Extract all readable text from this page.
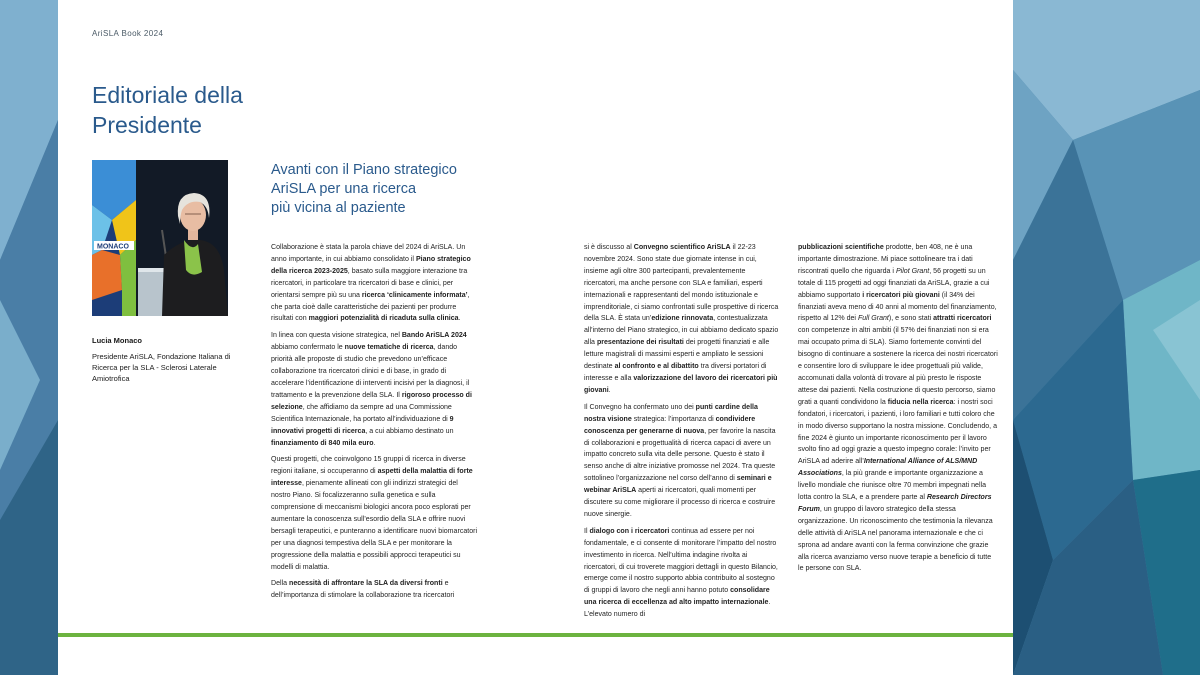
AriSLA Book 2024
Editoriale della
Presidente
MONACO
Lucia Monaco
Presidente AriSLA, Fondazione Italiana di Ricerca per la SLA - Sclerosi Laterale Amiotrofica
Avanti con il Piano strategico
AriSLA per una ricerca
più vicina al paziente

Collaborazione è stata la parola chiave del 2024 di AriSLA. Un anno importante, in cui abbiamo consolidato il Piano strategico della ricerca 2023-2025, basato sulla maggiore interazione tra ricercatori, in particolare tra ricercatori di base e clinici, per orientarsi sempre più su una ricerca ‘clinicamente informata’, che parta cioè dalle caratteristiche dei pazienti per produrre risultati con maggiori potenzialità di ricaduta sulla clinica.

In linea con questa visione strategica, nel Bando AriSLA 2024 abbiamo confermato le nuove tematiche di ricerca, dando priorità alle proposte di studio che prevedono un’efficace collaborazione tra ricercatori clinici e di base, in grado di accelerare l’identificazione di interventi incisivi per la diagnosi, il trattamento e la prevenzione della SLA. Il rigoroso processo di selezione, che affidiamo da sempre ad una Commissione Scientifica Internazionale, ha portato all’individuazione di 9 innovativi progetti di ricerca, a cui abbiamo destinato un finanziamento di 840 mila euro.

Questi progetti, che coinvolgono 15 gruppi di ricerca in diverse regioni italiane, si occuperanno di aspetti della malattia di forte interesse, pienamente allineati con gli indirizzi strategici del nostro Piano. Si focalizzeranno sulla genetica e sulla comprensione di meccanismi biologici ancora poco esplorati per aumentare la conoscenza sull’esordio della SLA e offrire nuovi bersagli terapeutici, e punteranno a identificare nuovi biomarcatori per una diagnosi tempestiva della SLA e per monitorare la progressione della malattia e possibili approcci terapeutici su modelli di malattia.

Della necessità di affrontare la SLA da diversi fronti e dell’importanza di stimolare la collaborazione tra ricercatori

si è discusso al Convegno scientifico AriSLA il 22-23 novembre 2024. Sono state due giornate intense in cui, insieme agli oltre 300 partecipanti, prevalentemente ricercatori, ma anche persone con SLA e familiari, esperti internazionali e rappresentanti del mondo istituzionale e imprenditoriale, ci siamo confrontati sulle prospettive di ricerca della SLA. È stata un’edizione rinnovata, contestualizzata all’interno del Piano strategico, in cui abbiamo dedicato spazio alla presentazione dei risultati dei progetti finanziati e alle letture magistrali di massimi esperti e ampliato le sessioni destinate al confronto e al dibattito tra diversi portatori di interesse e alla valorizzazione del lavoro dei ricercatori più giovani.

Il Convegno ha confermato uno dei punti cardine della nostra visione strategica: l’importanza di condividere conoscenza per generarne di nuova, per favorire la nascita di collaborazioni e progettualità di ricerca capaci di avere un impatto concreto sulla vita delle persone. Questo è stato il senso anche di altre iniziative promosse nel 2024. Tra queste sottolineo l’organizzazione nel corso dell’anno di seminari e webinar AriSLA aperti ai ricercatori, quali momenti per discutere su come migliorare il processo di ricerca e costruire nuove sinergie.

Il dialogo con i ricercatori continua ad essere per noi fondamentale, e ci consente di monitorare l’impatto del nostro investimento in ricerca. Nell’ultima indagine rivolta ai ricercatori, di cui troverete maggiori dettagli in questo Bilancio, emerge come il nostro supporto abbia contribuito al sostegno di gruppi di lavoro che negli anni hanno potuto consolidare una ricerca di eccellenza ad alto impatto internazionale. L’elevato numero di

pubblicazioni scientifiche prodotte, ben 408, ne è una importante dimostrazione. Mi piace sottolineare tra i dati riscontrati quello che riguarda i Pilot Grant, 56 progetti su un totale di 115 progetti ad oggi finanziati da AriSLA, grazie a cui abbiamo supportato i ricercatori più giovani (il 34% dei finanziati aveva meno di 40 anni al momento del finanziamento, rispetto al 12% dei Full Grant), e sono stati attratti ricercatori con competenze in altri ambiti (il 57% dei finanziati non si era mai occupato prima di SLA). Siamo fortemente convinti del bisogno di continuare a sostenere la ricerca dei nostri ricercatori e consentire loro di sviluppare le idee progettuali più valide, accomunati dalla volontà di trovare al più presto le risposte attese dai pazienti. Nella costruzione di questo percorso, siamo grati a quanti condividono la fiducia nella ricerca: i nostri soci fondatori, i ricercatori, i pazienti, i loro familiari e tutti coloro che in modo diverso supportano la nostra missione. Concludendo, a fine 2024 è giunto un importante riconoscimento per il lavoro svolto fino ad oggi grazie a questo impegno corale: l’invito per AriSLA ad aderire all’International Alliance of ALS/MND Associations, la più grande e importante organizzazione a livello mondiale che riunisce oltre 70 membri impegnati nella lotta contro la SLA, e a prendere parte al Research Directors Forum, un gruppo di lavoro strategico della stessa organizzazione. Un riconoscimento che testimonia la rilevanza delle attività di AriSLA nel panorama internazionale e che ci sprona ad andare avanti con la ferma convinzione che grazie alla ricerca avanziamo verso nuove terapie a beneficio di tutte le persone con SLA.
